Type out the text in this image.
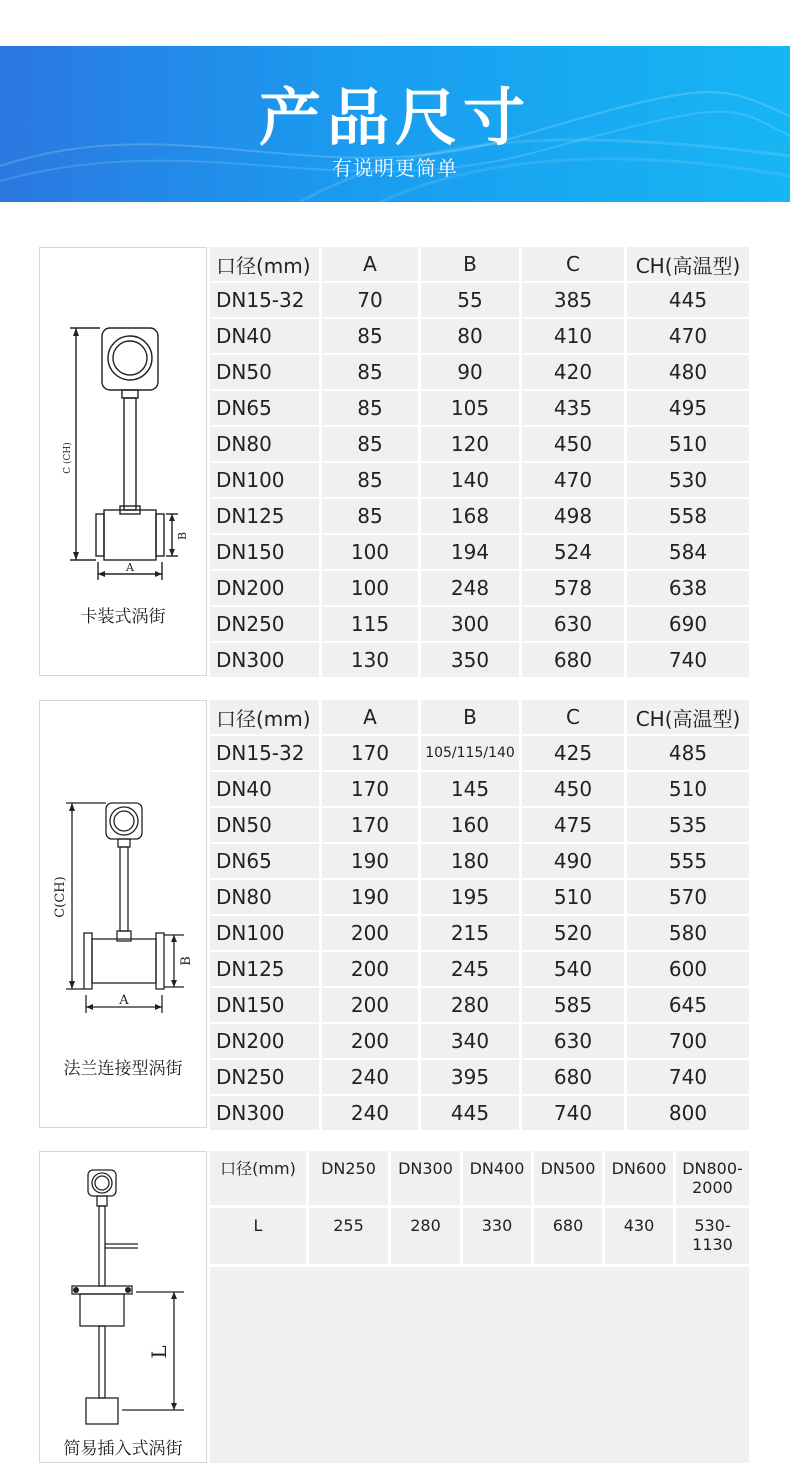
产品尺寸
有说明更简单
C (CH)
B
A
卡装式涡街
口径(mm)	A	B	C	CH(高温型)
DN15-32	70	55	385	445
DN40	85	80	410	470
DN50	85	90	420	480
DN65	85	105	435	495
DN80	85	120	450	510
DN100	85	140	470	530
DN125	85	168	498	558
DN150	100	194	524	584
DN200	100	248	578	638
DN250	115	300	630	690
DN300	130	350	680	740
C(CH)
B
A
法兰连接型涡街
口径(mm)	A	B	C	CH(高温型)
DN15-32	170	105/115/140	425	485
DN40	170	145	450	510
DN50	170	160	475	535
DN65	190	180	490	555
DN80	190	195	510	570
DN100	200	215	520	580
DN125	200	245	540	600
DN150	200	280	585	645
DN200	200	340	630	700
DN250	240	395	680	740
DN300	240	445	740	800
L
简易插入式涡街
口径(mm)	DN250	DN300	DN400	DN500	DN600 DN800-
2000
L	255	280	330	680	430	530-
1130
